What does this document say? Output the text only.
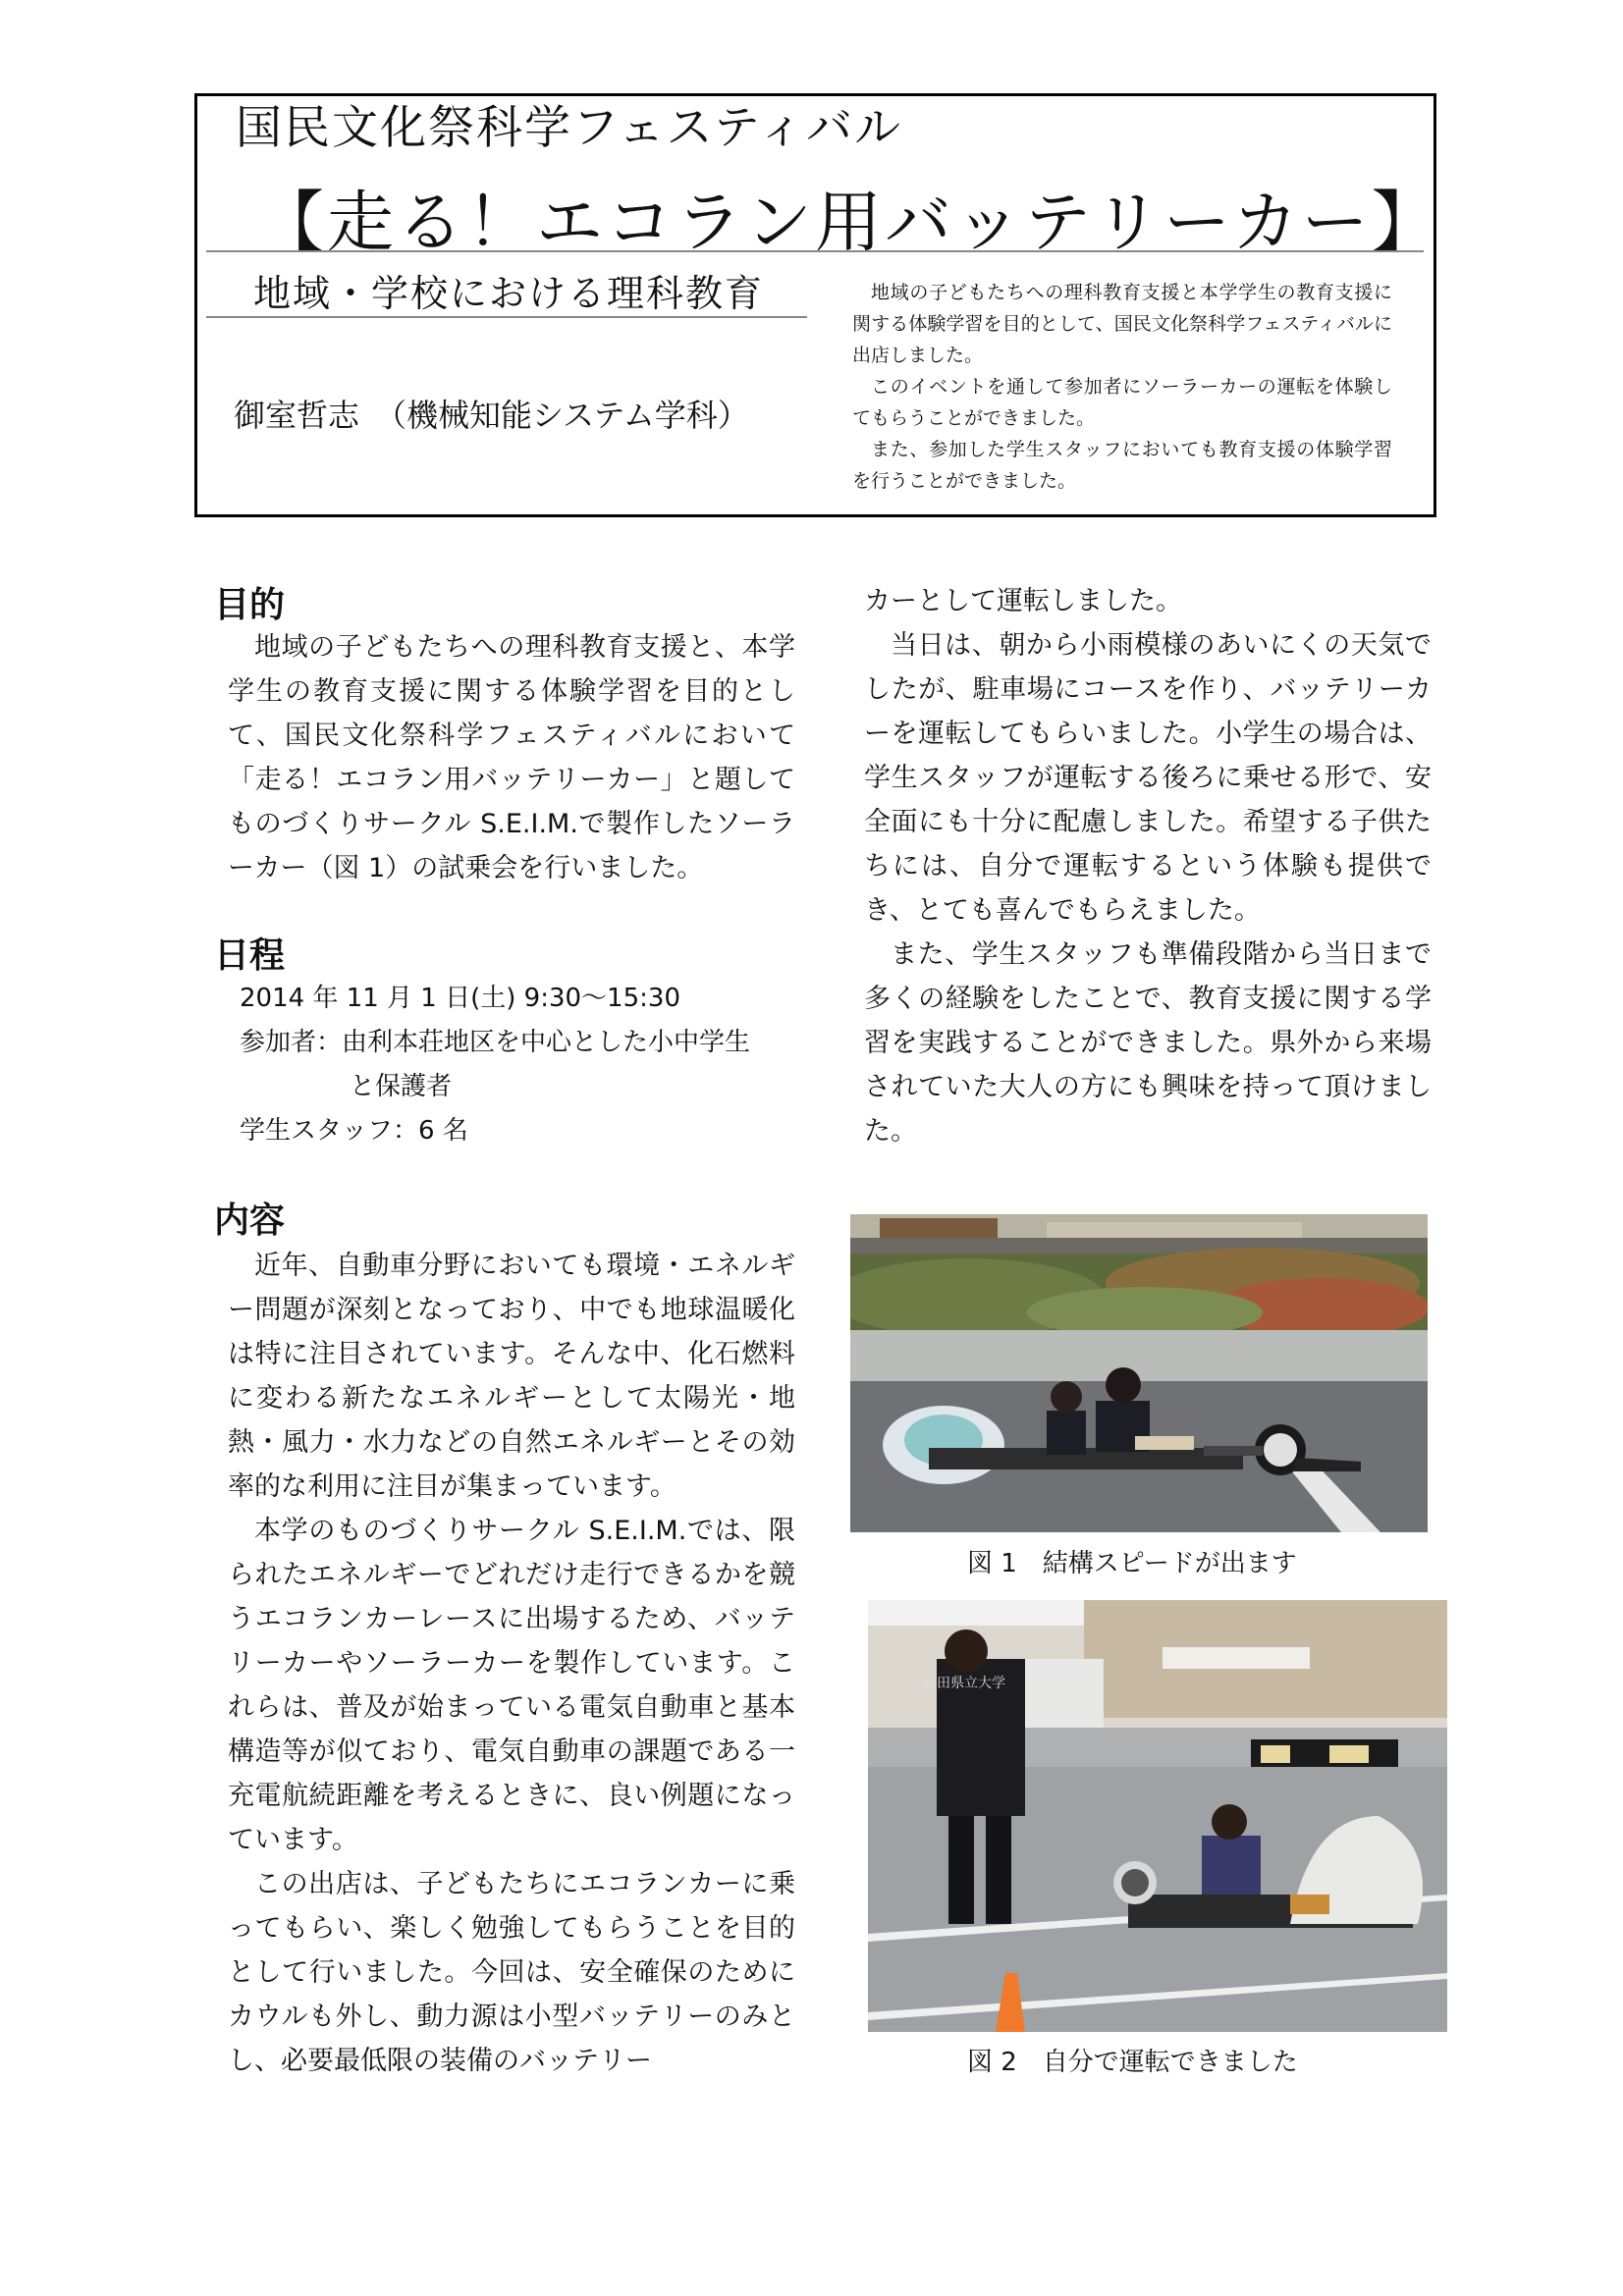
国民文化祭科学フェスティバル
【走る！エコラン用バッテリーカー】
地域・学校における理科教育
御室哲志　（機械知能システム学科）

地域の子どもたちへの理科教育支援と本学学生の教育支援に関する体験学習を目的として、国民文化祭科学フェスティバルに出店しました。

このイベントを通して参加者にソーラーカーの運転を体験してもらうことができました。

また、参加した学生スタッフにおいても教育支援の体験学習を行うことができました。

目的

地域の子どもたちへの理科教育支援と、本学学生の教育支援に関する体験学習を目的として、国民文化祭科学フェスティバルにおいて「走る！エコラン用バッテリーカー」と題してものづくりサークル S.E.I.M.で製作したソーラーカー（図 1）の試乗会を行いました。

日程
2014 年 11 月 1 日(土) 9:30〜15:30
参加者：由利本荘地区を中心とした小中学生
と保護者
学生スタッフ：6 名
内容

近年、自動車分野においても環境・エネルギー問題が深刻となっており、中でも地球温暖化は特に注目されています。そんな中、化石燃料に変わる新たなエネルギーとして太陽光・地熱・風力・水力などの自然エネルギーとその効率的な利用に注目が集まっています。

本学のものづくりサークル S.E.I.M.では、限られたエネルギーでどれだけ走行できるかを競うエコランカーレースに出場するため、バッテリーカーやソーラーカーを製作しています。これらは、普及が始まっている電気自動車と基本構造等が似ており、電気自動車の課題である一充電航続距離を考えるときに、良い例題になっています。

この出店は、子どもたちにエコランカーに乗ってもらい、楽しく勉強してもらうことを目的として行いました。今回は、安全確保のためにカウルも外し、動力源は小型バッテリーのみとし、必要最低限の装備のバッテリー

カーとして運転しました。

当日は、朝から小雨模様のあいにくの天気でしたが、駐車場にコースを作り、バッテリーカーを運転してもらいました。小学生の場合は、学生スタッフが運転する後ろに乗せる形で、安全面にも十分に配慮しました。希望する子供たちには、自分で運転するという体験も提供でき、とても喜んでもらえました。

また、学生スタッフも準備段階から当日まで多くの経験をしたことで、教育支援に関する学習を実践することができました。県外から来場されていた大人の方にも興味を持って頂けました。

図 1　結構スピードが出ます
秋田県立大学
図 2　自分で運転できました
